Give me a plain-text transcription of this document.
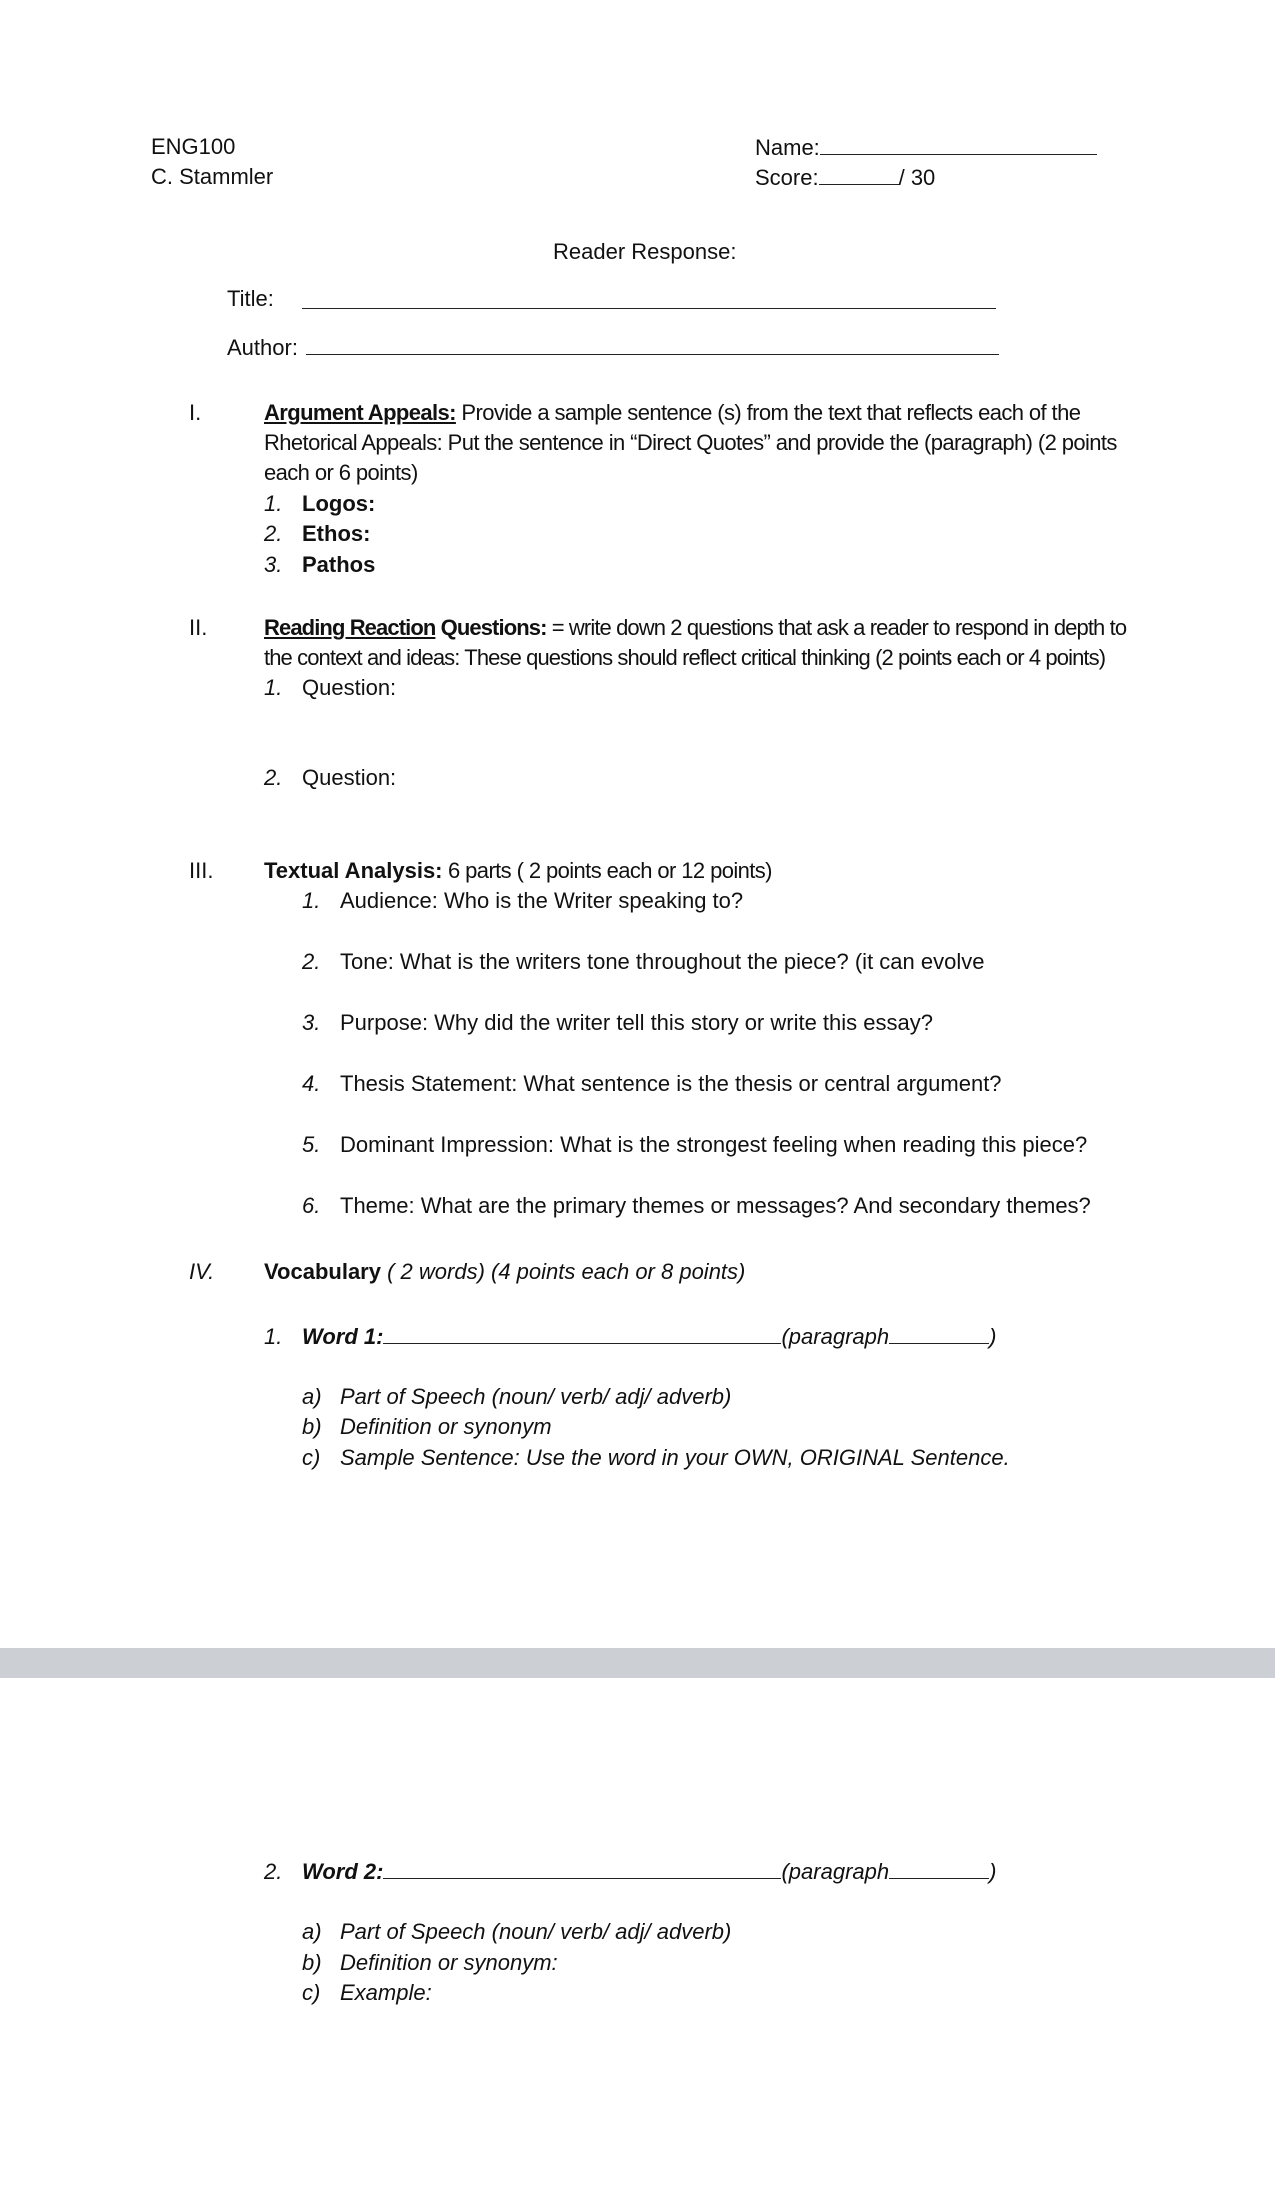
ENG100
C. Stammler
Name:
Score:	/ 30
Reader Response:
Title:
Author:
I.	Argument Appeals: Provide a sample sentence (s) from the text that reflects each of the
Rhetorical Appeals: Put the sentence in “Direct Quotes” and provide the (paragraph) (2 points
each or 6 points)
1. Logos:
2. Ethos:
3. Pathos
II.	Reading Reaction Questions: = write down 2 questions that ask a reader to respond in depth to
the context and ideas: These questions should reflect critical thinking (2 points each or 4 points)
1. Question:
2. Question:
III. Textual Analysis: 6 parts ( 2 points each or 12 points)
1. Audience: Who is the Writer speaking to?
2. Tone: What is the writers tone throughout the piece? (it can evolve
3. Purpose: Why did the writer tell this story or write this essay?
4. Thesis Statement: What sentence is the thesis or central argument?
5. Dominant Impression: What is the strongest feeling when reading this piece?
6. Theme: What are the primary themes or messages? And secondary themes?
IV. Vocabulary ( 2 words) (4 points each or 8 points)
1. Word 1:	(paragraph	)
a) Part of Speech (noun/ verb/ adj/ adverb)
b) Definition or synonym
c) Sample Sentence: Use the word in your OWN, ORIGINAL Sentence.
2. Word 2:	(paragraph	)
a) Part of Speech (noun/ verb/ adj/ adverb)
b) Definition or synonym:
c) Example:
